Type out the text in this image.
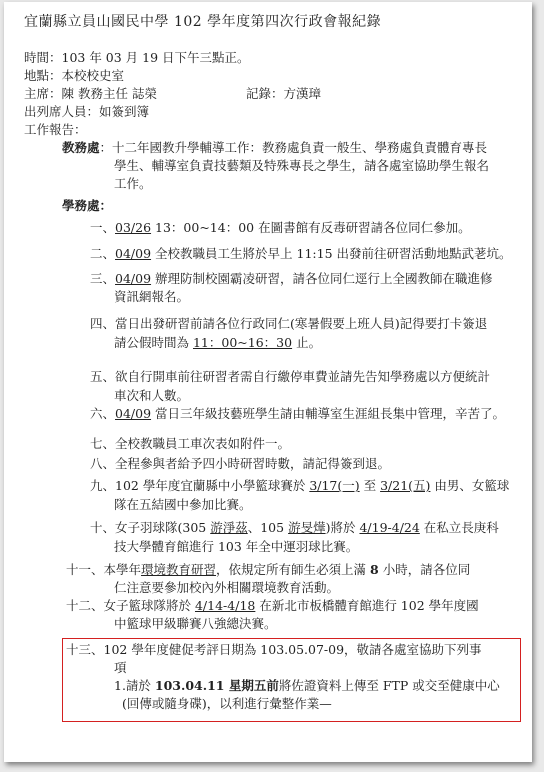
宜蘭縣立員山國民中學 102 學年度第四次行政會報紀錄
時間：103 年 03 月 19 日下午三點正。
地點：本校校史室
主席：陳 教務主任 誌榮	記錄：方漢璋
出列席人員：如簽到簿
工作報告：
教務處：十二年國教升學輔導工作：教務處負責一般生、學務處負責體育專長
學生、輔導室負責技藝類及特殊專長之學生，請各處室協助學生報名
工作。
學務處：
一、03/26 13：00~14：00 在圖書館有反毒研習請各位同仁參加。
二、04/09 全校教職員工生將於早上 11:15 出發前往研習活動地點武荖坑。
三、04/09 辦理防制校園霸凌研習，請各位同仁逕行上全國教師在職進修
資訊網報名。
四、當日出發研習前請各位行政同仁(寒暑假要上班人員)記得要打卡簽退
請公假時間為 11：00~16：30 止。
五、欲自行開車前往研習者需自行繳停車費並請先告知學務處以方便統計
車次和人數。
六、04/09 當日三年級技藝班學生請由輔導室生涯組長集中管理，辛苦了。
七、全校教職員工車次表如附件一。
八、全程參與者給予四小時研習時數，請記得簽到退。
九、102 學年度宜蘭縣中小學籃球賽於 3/17(一) 至 3/21(五) 由男、女籃球
隊在五結國中參加比賽。
十、女子羽球隊(305 游淨茲、105 游旻燁)將於 4/19-4/24 在私立長庚科
技大學體育館進行 103 年全中運羽球比賽。
十一、本學年環境教育研習，依規定所有師生必須上滿 8 小時，請各位同
仁注意要參加校內外相關環境教育活動。
十二、女子籃球隊將於 4/14-4/18 在新北市板橋體育館進行 102 學年度國
中籃球甲級聯賽八強總決賽。
十三、102 學年度健促考評日期為 103.05.07-09，敬請各處室協助下列事
項
1.請於 103.04.11 星期五前將佐證資料上傳至 FTP 或交至健康中心
(回傳或隨身碟)，以利進行彙整作業—
